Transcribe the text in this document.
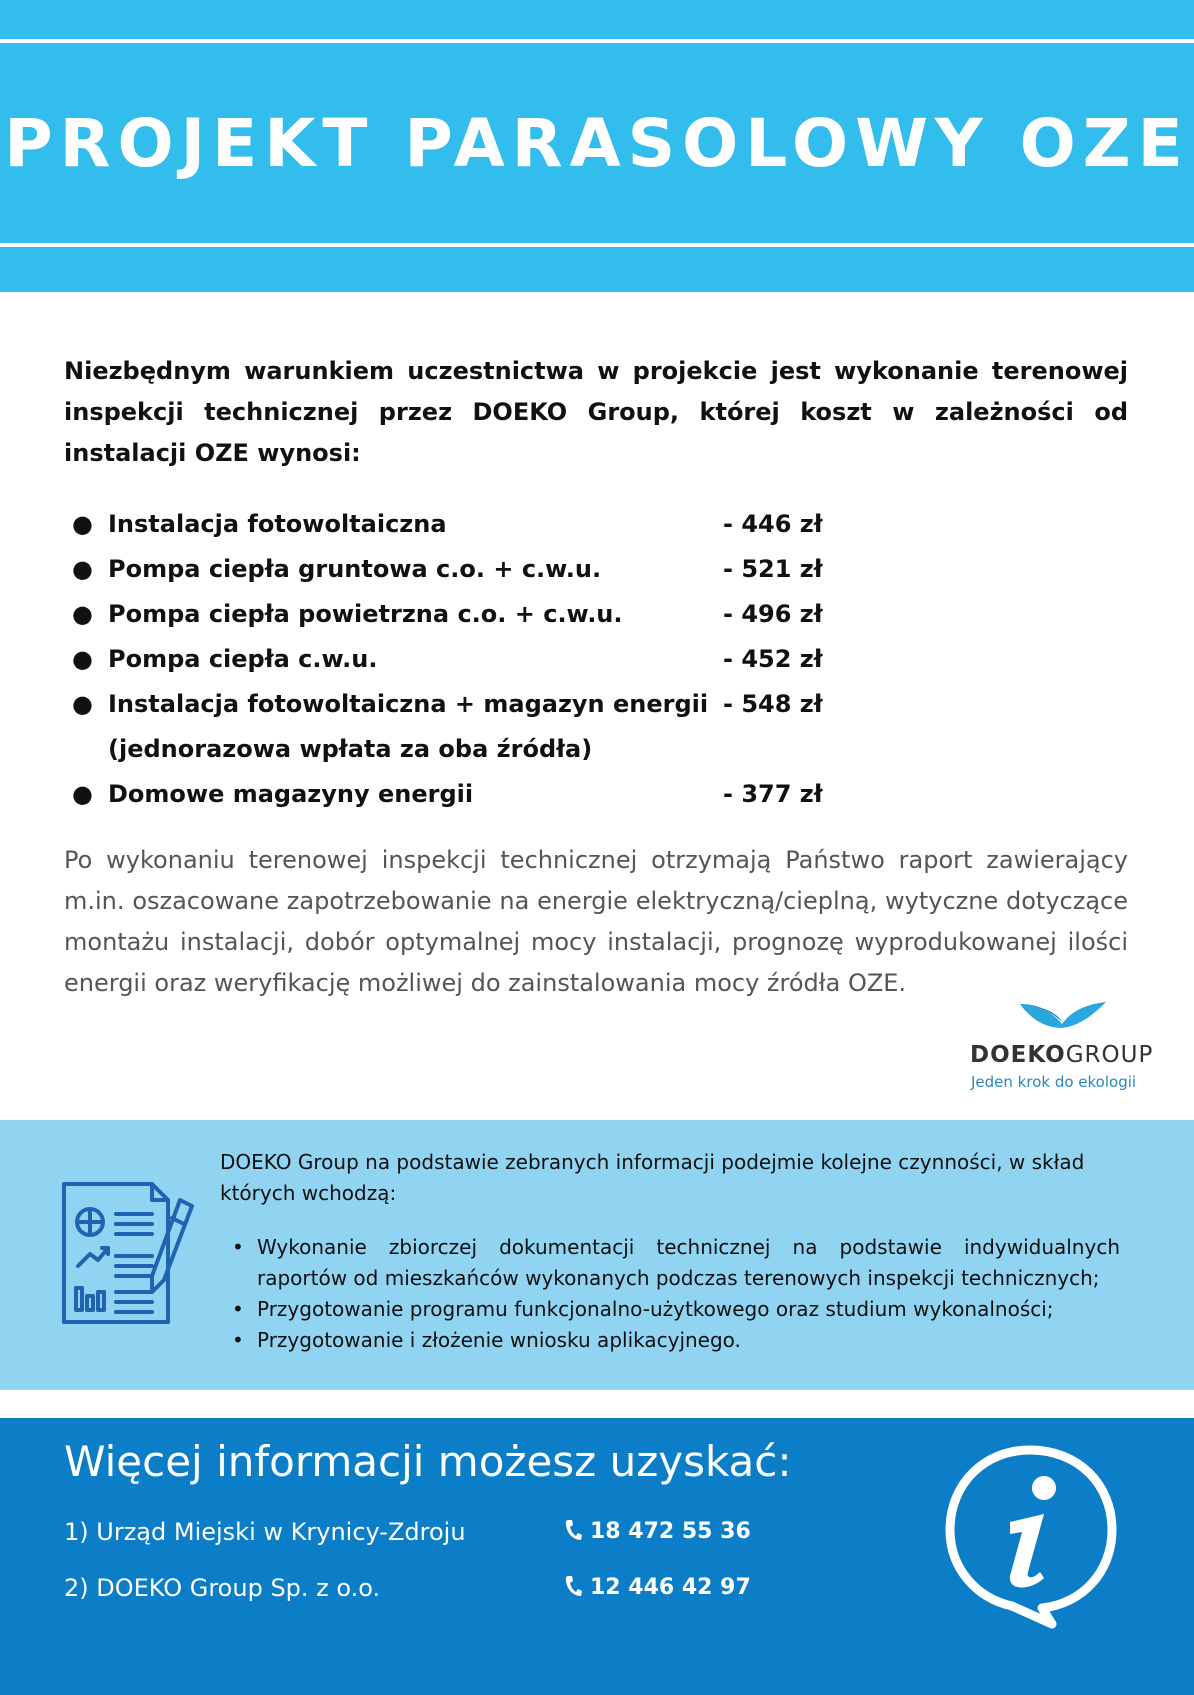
PROJEKT PARASOLOWY OZE

Niezbędnym warunkiem uczestnictwa w projekcie jest wykonanie terenowej inspekcji technicznej przez DOEKO Group, której koszt w zależności od instalacji OZE wynosi:

● Instalacja fotowoltaiczna	- 446 zł
● Pompa ciepła gruntowa c.o. + c.w.u.	- 521 zł
● Pompa ciepła powietrzna c.o. + c.w.u.	- 496 zł
● Pompa ciepła c.w.u.	- 452 zł
● Instalacja fotowoltaiczna + magazyn energii - 548 zł
(jednorazowa wpłata za oba źródła)
● Domowe magazyny energii	- 377 zł

Po wykonaniu terenowej inspekcji technicznej otrzymają Państwo raport zawierający m.in. oszacowane zapotrzebowanie na energie elektryczną/cieplną, wytyczne dotyczące montażu instalacji, dobór optymalnej mocy instalacji, prognozę wyprodukowanej ilości energii oraz weryfikację możliwej do zainstalowania mocy źródła OZE.

DOEKOGROUP
Jeden krok do ekologii

DOEKO Group na podstawie zebranych informacji podejmie kolejne czynności, w skład których wchodzą:

• Wykonanie zbiorczej dokumentacji technicznej na podstawie indywidualnych raportów od mieszkańców wykonanych podczas terenowych inspekcji technicznych;
• Przygotowanie programu funkcjonalno-użytkowego oraz studium wykonalności;
• Przygotowanie i złożenie wniosku aplikacyjnego.
Więcej informacji możesz uzyskać:
1) Urząd Miejski w Krynicy-Zdroju	18 472 55 36
2) DOEKO Group Sp. z o.o.	12 446 42 97
